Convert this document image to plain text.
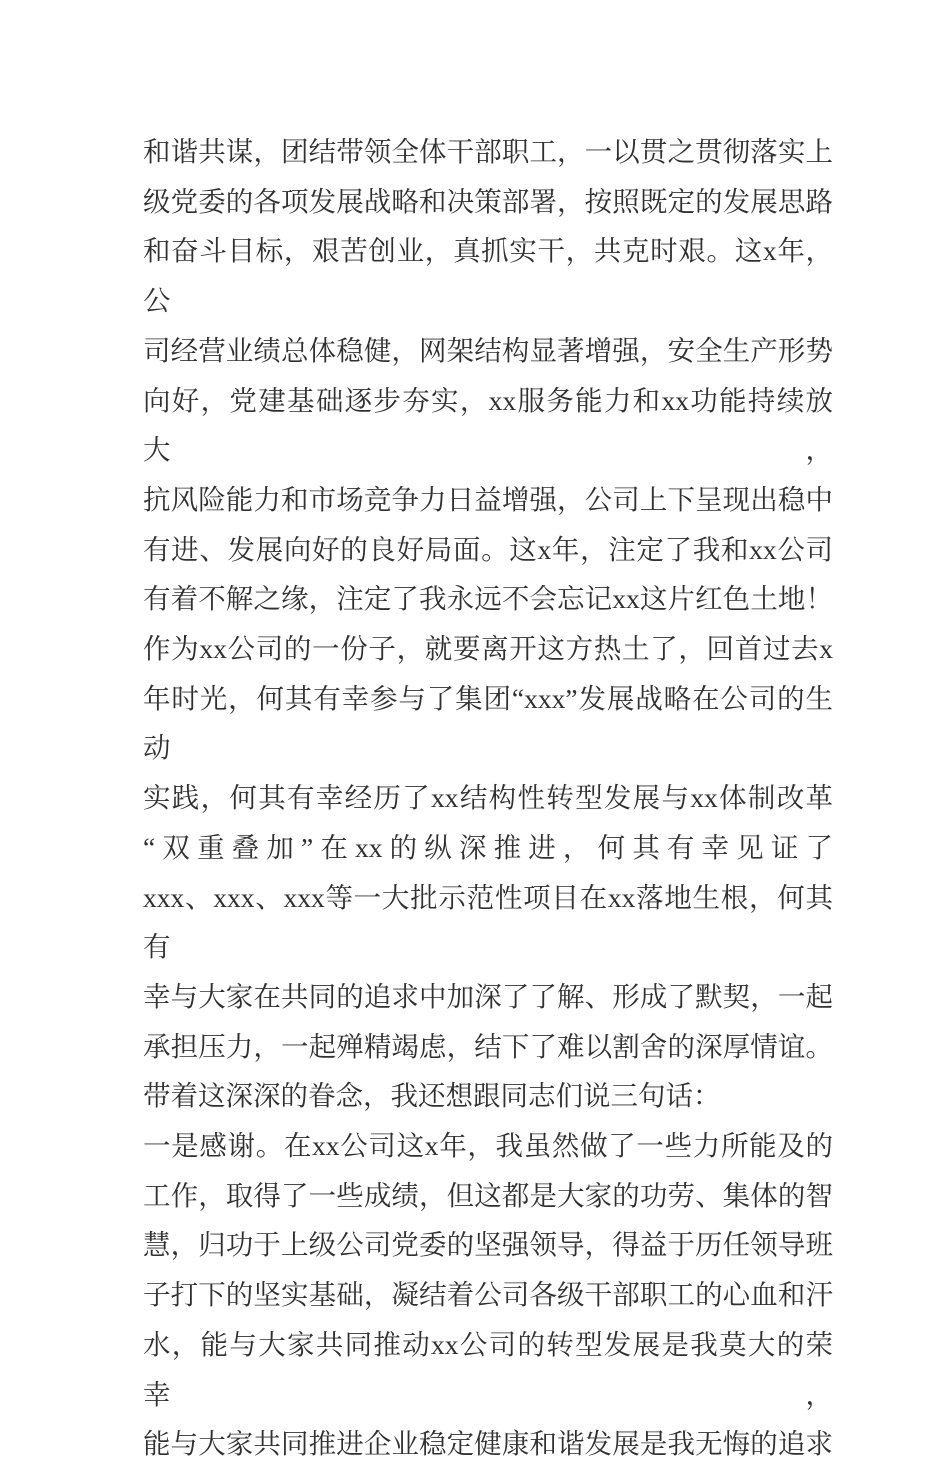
和谐共谋，团结带领全体干部职工，一以贯之贯彻落实上
级党委的各项发展战略和决策部署，按照既定的发展思路
和奋斗目标，艰苦创业，真抓实干，共克时艰。这x年，公
司经营业绩总体稳健，网架结构显著增强，安全生产形势
向好，党建基础逐步夯实，xx服务能力和xx功能持续放大，
抗风险能力和市场竞争力日益增强，公司上下呈现出稳中
有进、发展向好的良好局面。这x年，注定了我和xx公司
有着不解之缘，注定了我永远不会忘记xx这片红色土地！
作为xx公司的一份子，就要离开这方热土了，回首过去x
年时光，何其有幸参与了集团“xxx”发展战略在公司的生动
实践，何其有幸经历了xx结构性转型发展与xx体制改革
“双重叠加”在xx的纵深推进，何其有幸见证了
xxx、xxx、xxx等一大批示范性项目在xx落地生根，何其有
幸与大家在共同的追求中加深了了解、形成了默契，一起
承担压力，一起殚精竭虑，结下了难以割舍的深厚情谊。
带着这深深的眷念，我还想跟同志们说三句话：
一是感谢。在xx公司这x年，我虽然做了一些力所能及的
工作，取得了一些成绩，但这都是大家的功劳、集体的智
慧，归功于上级公司党委的坚强领导，得益于历任领导班
子打下的坚实基础，凝结着公司各级干部职工的心血和汗
水，能与大家共同推动xx公司的转型发展是我莫大的荣幸，
能与大家共同推进企业稳定健康和谐发展是我无悔的追求
